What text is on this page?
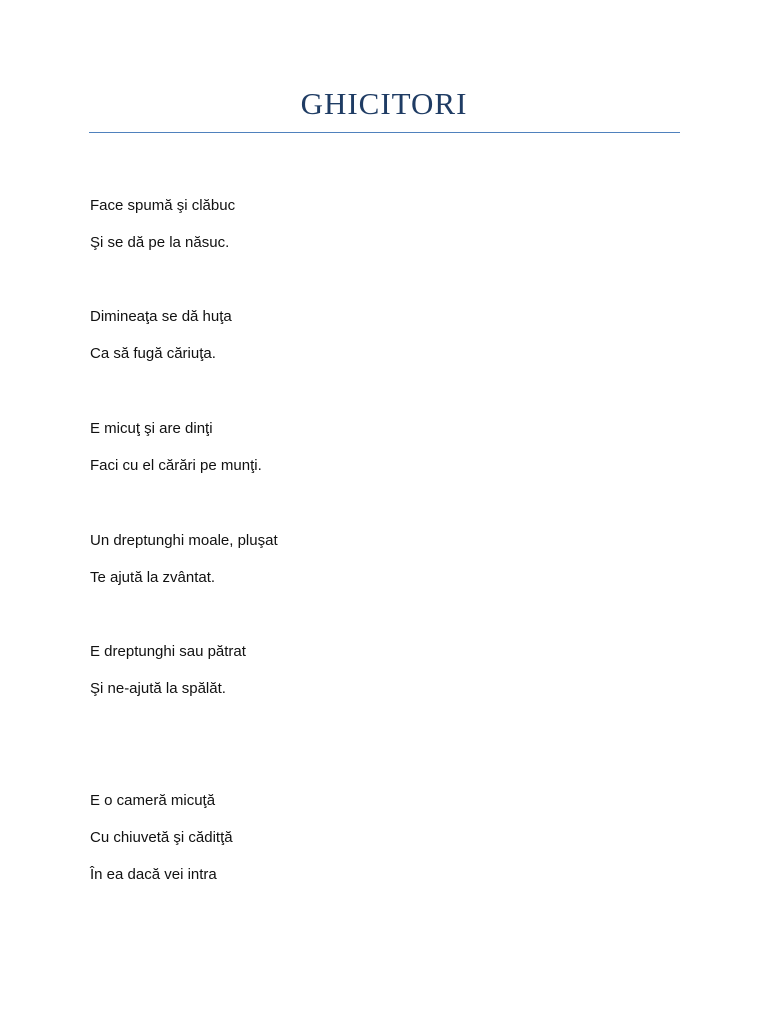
GHICITORI
Face spumă şi clăbuc
Şi se dă pe la năsuc.
Dimineaţa se dă huţa
Ca să fugă căriuţa.
E micuţ şi are dinţi
Faci cu el cărări pe munţi.
Un dreptunghi moale, pluşat
Te ajută la zvântat.
E dreptunghi sau pătrat
Şi ne-ajută la spălăt.
E o cameră micuţă
Cu chiuvetă şi căditţă
În ea dacă vei intra
